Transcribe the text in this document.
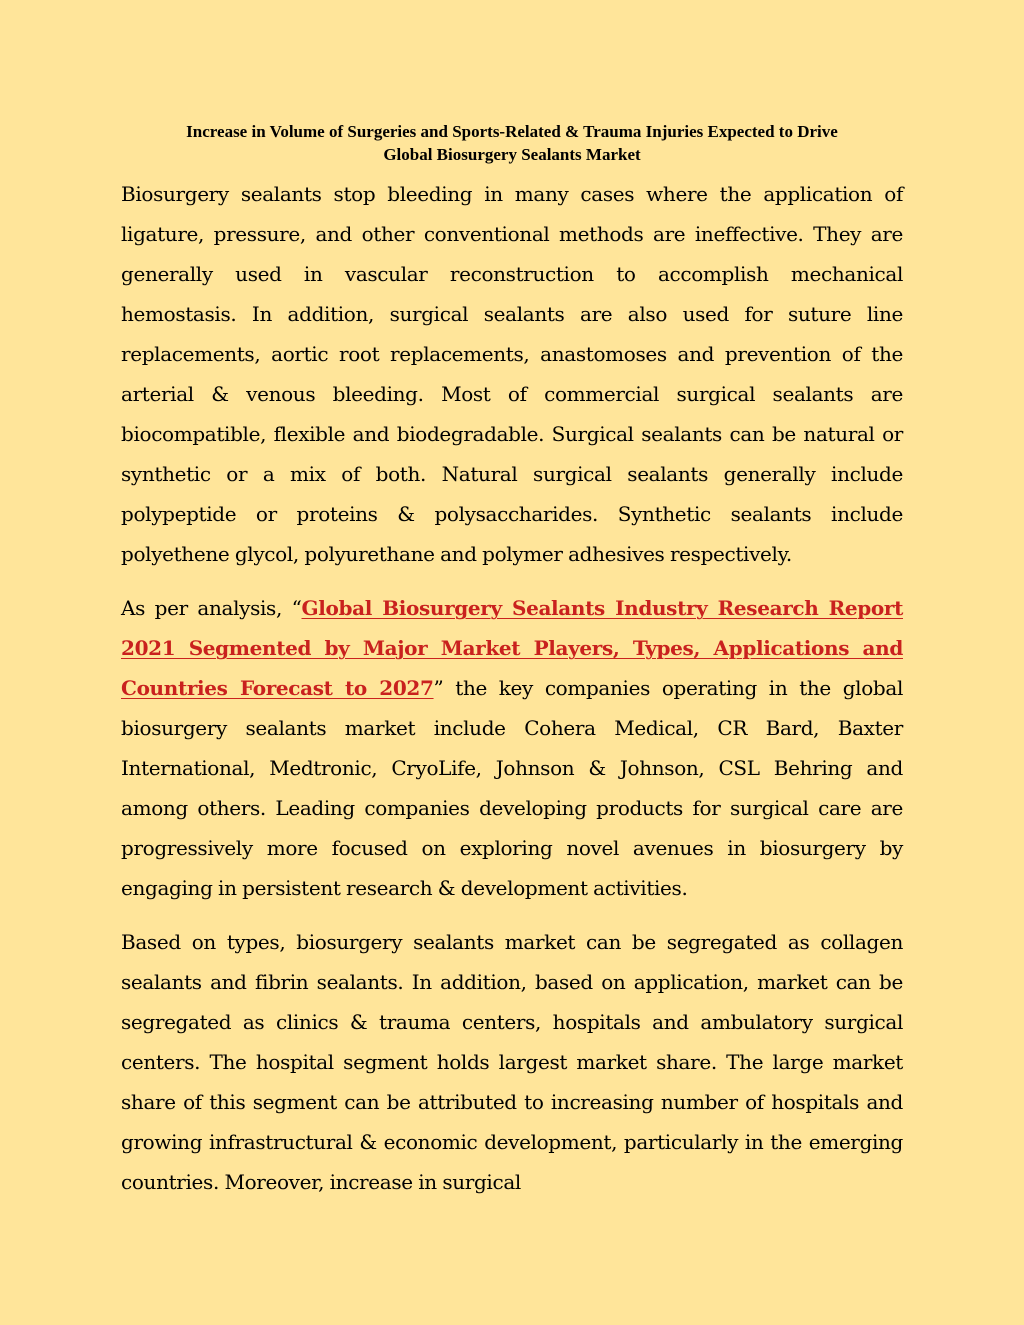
Increase in Volume of Surgeries and Sports-Related & Trauma Injuries Expected to Drive
Global Biosurgery Sealants Market

Biosurgery sealants stop bleeding in many cases where the application of ligature, pressure, and other conventional methods are ineffective. They are generally used in vascular reconstruction to accomplish mechanical hemostasis. In addition, surgical sealants are also used for suture line replacements, aortic root replacements, anastomoses and prevention of the arterial & venous bleeding. Most of commercial surgical sealants are biocompatible, flexible and biodegradable. Surgical sealants can be natural or synthetic or a mix of both. Natural surgical sealants generally include polypeptide or proteins & polysaccharides. Synthetic sealants include polyethene glycol, polyurethane and polymer adhesives respectively.

As per analysis, “Global Biosurgery Sealants Industry Research Report 2021 Segmented by Major Market Players, Types, Applications and Countries Forecast to 2027” the key companies operating in the global biosurgery sealants market include Cohera Medical, CR Bard, Baxter International, Medtronic, CryoLife, Johnson & Johnson, CSL Behring and among others. Leading companies developing products for surgical care are progressively more focused on exploring novel avenues in biosurgery by engaging in persistent research & development activities.

Based on types, biosurgery sealants market can be segregated as collagen sealants and fibrin sealants. In addition, based on application, market can be segregated as clinics & trauma centers, hospitals and ambulatory surgical centers. The hospital segment holds largest market share. The large market share of this segment can be attributed to increasing number of hospitals and growing infrastructural & economic development, particularly in the emerging countries. Moreover, increase in surgical
